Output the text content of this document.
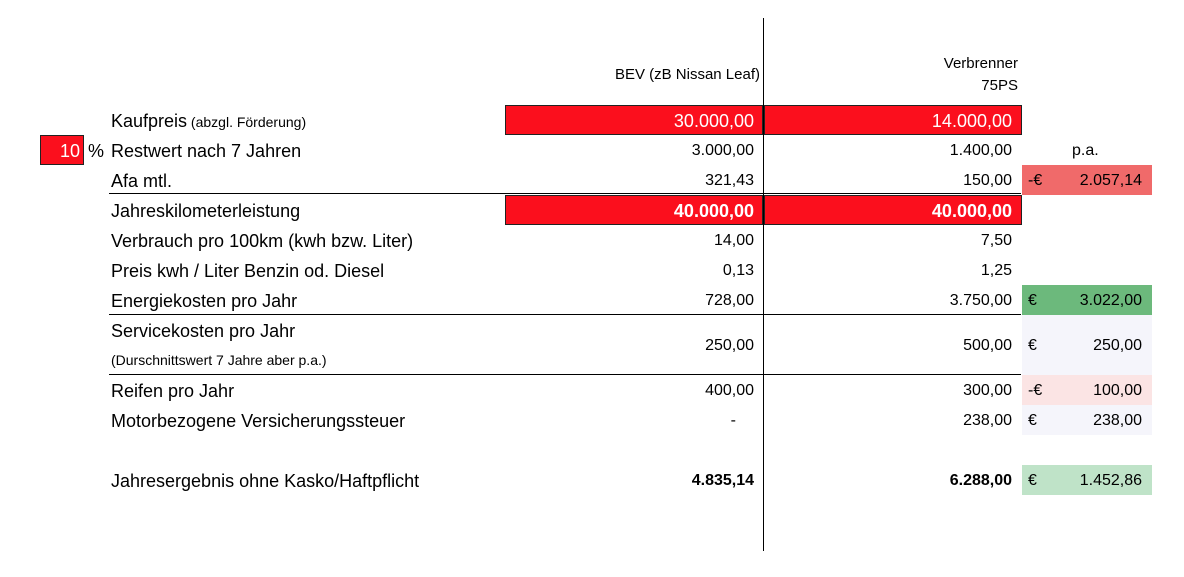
BEV (zB Nissan Leaf)
Verbrenner
75PS
p.a.
10 %
Kaufpreis (abzgl. Förderung)	30.000,00	14.000,00
Restwert nach 7 Jahren	3.000,00	1.400,00
Afa mtl.	321,43	150,00 -€	2.057,14
Jahreskilometerleistung	40.000,00	40.000,00
Verbrauch pro 100km (kwh bzw. Liter)	14,00	7,50
Preis kwh / Liter Benzin od. Diesel	0,13	1,25
Energiekosten pro Jahr	728,00	3.750,00 €	3.022,00
Servicekosten pro Jahr
(Durschnittswert 7 Jahre aber p.a.)
250,00	500,00 €	250,00
Reifen pro Jahr	400,00	300,00 -€	100,00
Motorbezogene Versicherungssteuer	-	238,00 €	238,00
Jahresergebnis ohne Kasko/Haftpflicht	4.835,14	6.288,00 €	1.452,86
